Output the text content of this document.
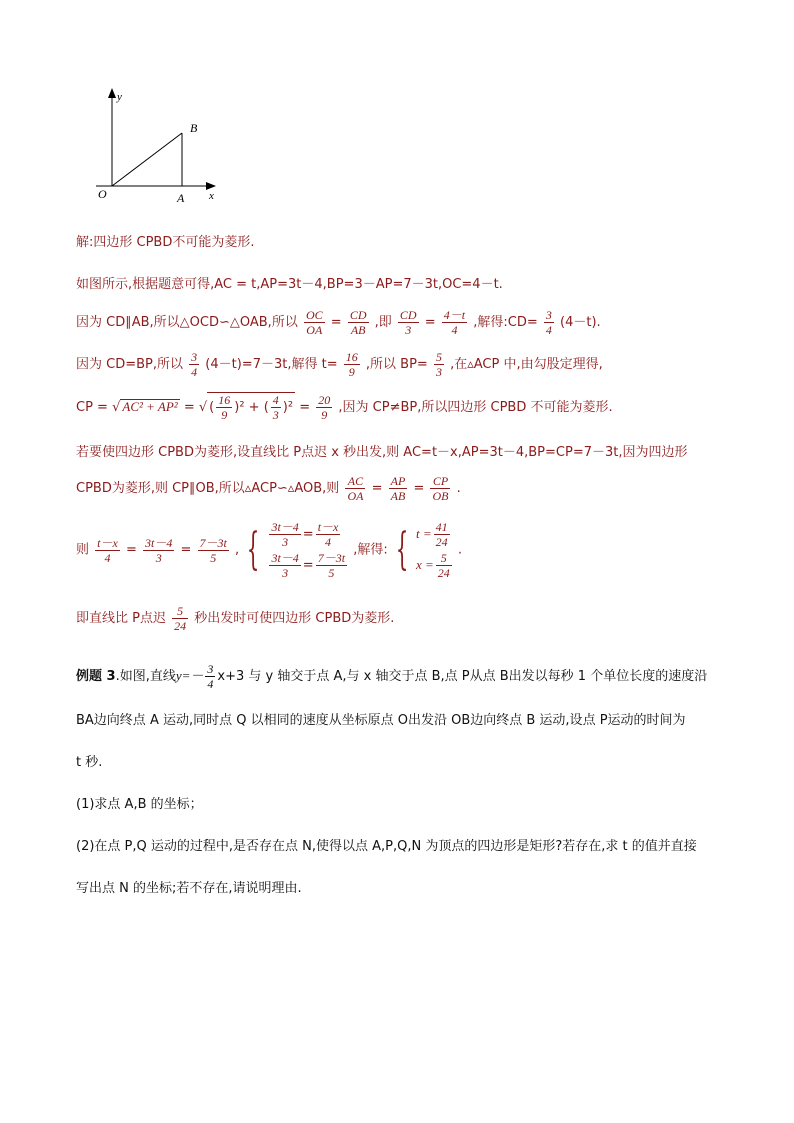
y
x
O	A
B
解:四边形 CPBD不可能为菱形.
如图所示,根据题意可得,AC = t,AP=3t－4,BP=3－AP=7－3t,OC=4－t.
因为 CD∥AB,所以△OCD∽△OAB,所以 $\frac{OC}{OA} = \frac{CD}{AB}$ ,即 $\frac{CD}{3} = \frac{4-t}{4}$ ,解得:CD= $\frac{3}{4} (4-t)$.
因为 CD=BP,所以 $\frac{3}{4} (4-t)=7-3t$,解得 $t= \frac{16}{9}$ ,所以 $BP= \frac{5}{3}$ ,在▵ACP 中,由勾股定理得,
CP = √ AC² + AP² = √ ( $\frac{16}{9} )^2$ + ( $\frac{4}{3} )^2 = \frac{20}{9}$ ,因为 CP≠BP,所以四边形 CPBD 不可能为菱形.
若要使四边形 CPBD为菱形,设直线比 P点迟 x 秒出发,则 AC=t－x,AP=3t－4,BP=CP=7－3t,因为四边形
CPBD为菱形,则 CP∥OB,所以▵ACP∽▵AOB,则 $\frac{AC}{OA} = \frac{AP}{AB} = \frac{CP}{OB}$ .
则 $\frac{t-x}{4} = \frac{3t-4}{3} = \frac{7-3t}{5}$ , { $\frac{3t-4}{3} = \frac{t-x}{4}$
$\frac{3t-4}{3} = \frac{7-3t}{5}$
,解得: { $t = \frac{41}{24}$
$x = \frac{5}{24}$
.
即直线比 P点迟 $\frac{5}{24}$ 秒出发时可使四边形 CPBD为菱形.
例题 3.如图,直线$y=- \frac{3}{4} x+3$ 与 y 轴交于点 A,与 x 轴交于点 B,点 P从点 B出发以每秒 1 个单位长度的速度沿
BA边向终点 A 运动,同时点 Q 以相同的速度从坐标原点 O出发沿 OB边向终点 B 运动,设点 P运动的时间为
t 秒.
(1)求点 A,B 的坐标；
(2)在点 P,Q 运动的过程中,是否存在点 N,使得以点 A,P,Q,N 为顶点的四边形是矩形?若存在,求 t 的值并直接
写出点 N 的坐标;若不存在,请说明理由.
